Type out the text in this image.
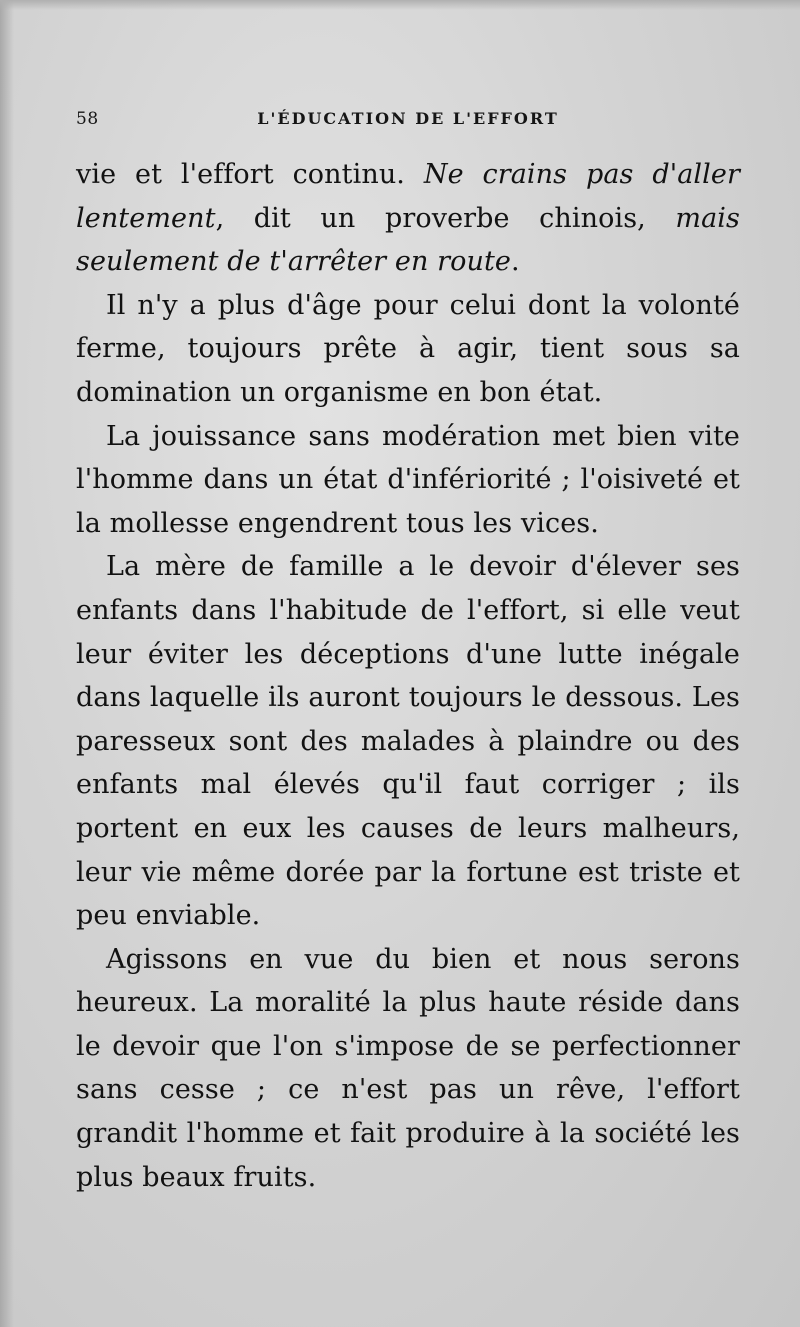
58	L'ÉDUCATION DE L'EFFORT

vie et l'effort continu. Ne crains pas d'aller lentement, dit un proverbe chinois, mais seulement de t'arrêter en route.

Il n'y a plus d'âge pour celui dont la volonté ferme, toujours prête à agir, tient sous sa domination un organisme en bon état.

La jouissance sans modération met bien vite l'homme dans un état d'infériorité ; l'oisiveté et la mollesse engendrent tous les vices.

La mère de famille a le devoir d'élever ses enfants dans l'habitude de l'effort, si elle veut leur éviter les déceptions d'une lutte inégale dans laquelle ils auront toujours le dessous. Les paresseux sont des malades à plaindre ou des enfants mal élevés qu'il faut corriger ; ils portent en eux les causes de leurs malheurs, leur vie même dorée par la fortune est triste et peu enviable.

Agissons en vue du bien et nous serons heureux. La moralité la plus haute réside dans le devoir que l'on s'impose de se perfectionner sans cesse ; ce n'est pas un rêve, l'effort grandit l'homme et fait produire à la société les plus beaux fruits.
